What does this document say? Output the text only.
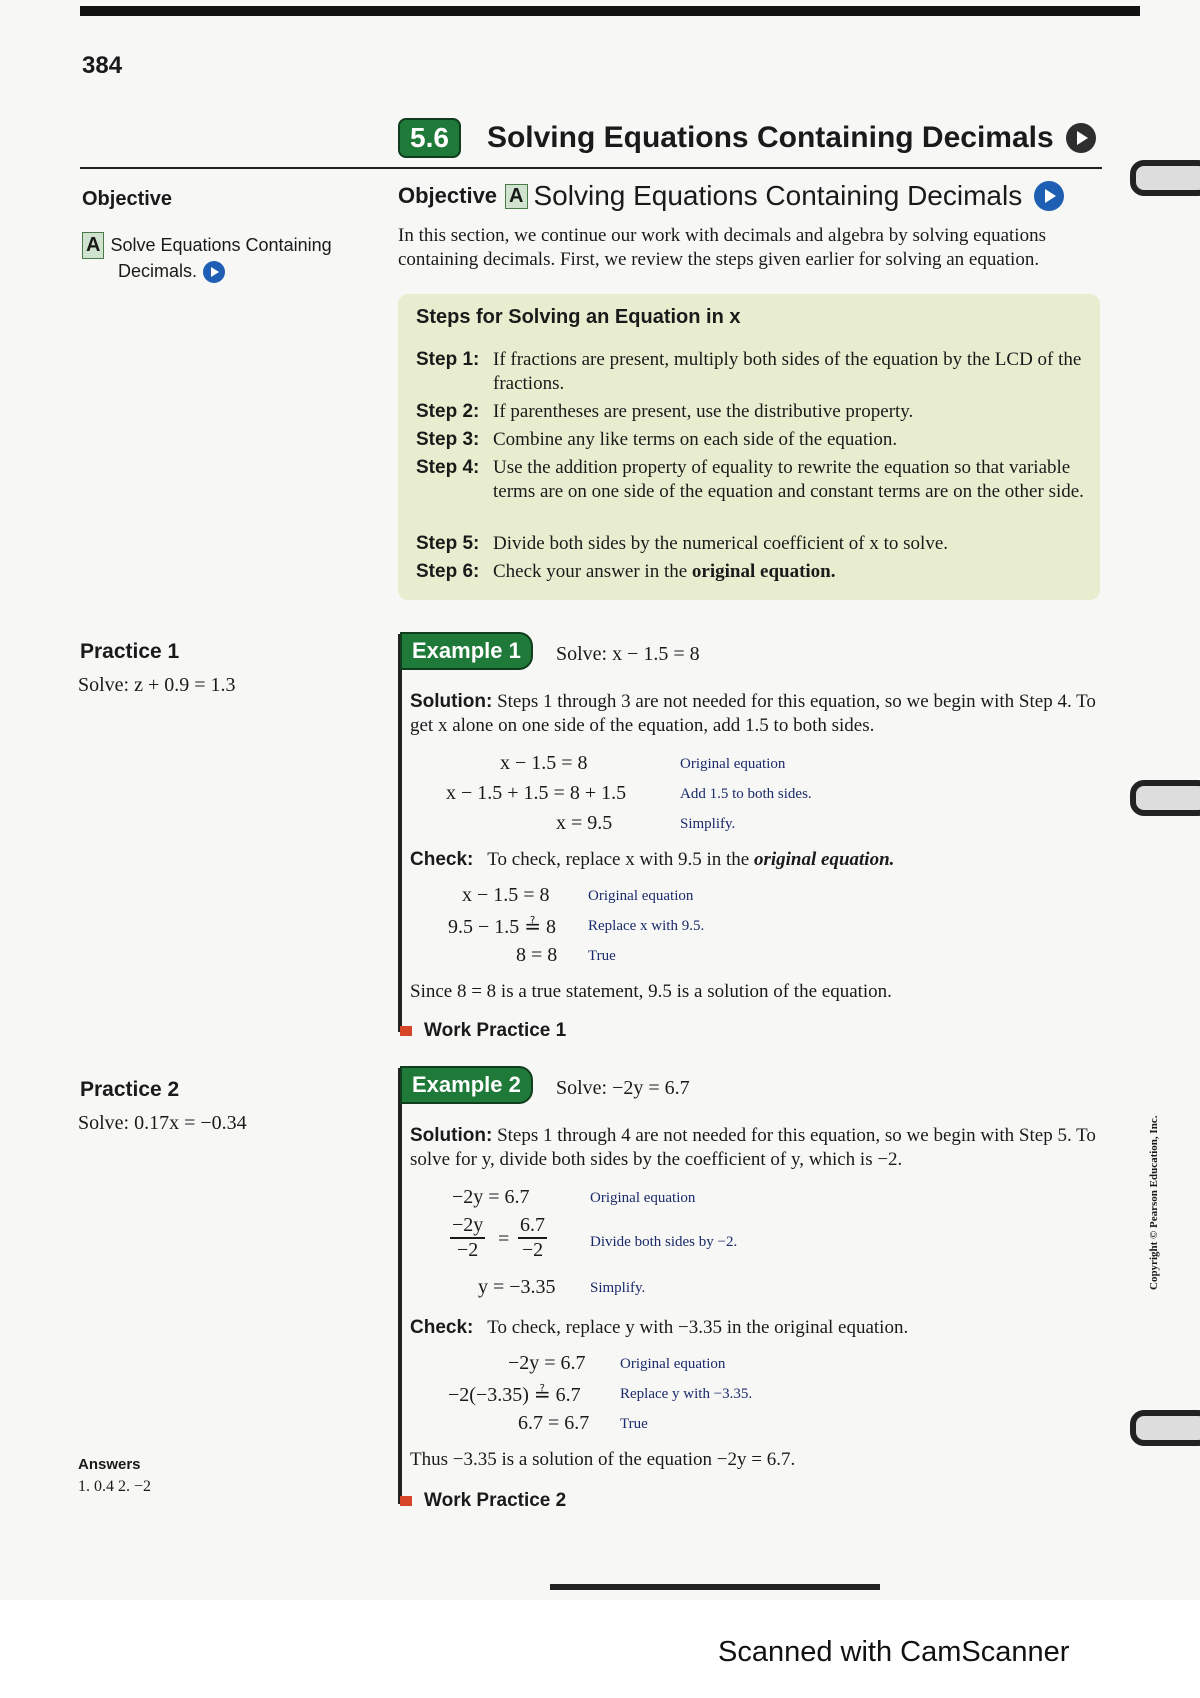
384
5.6	Solving Equations Containing Decimals
Objective
A Solve Equations Containing
Decimals.
Objective A Solving Equations Containing Decimals
In this section, we continue our work with decimals and algebra by solving equations containing decimals. First, we review the steps given earlier for solving an equation.
Steps for Solving an Equation in x
Step 1: If fractions are present, multiply both sides of the equation by the LCD of the fractions.
Step 2: If parentheses are present, use the distributive property.
Step 3: Combine any like terms on each side of the equation.
Step 4: Use the addition property of equality to rewrite the equation so that variable terms are on one side of the equation and constant terms are on the other side.
Step 5: Divide both sides by the numerical coefficient of x to solve.
Step 6: Check your answer in the original equation.
Practice 1
Solve: z + 0.9 = 1.3
Example 1	Solve: x − 1.5 = 8
Solution: Steps 1 through 3 are not needed for this equation, so we begin with Step 4. To get x alone on one side of the equation, add 1.5 to both sides.
x − 1.5 = 8	Original equation
x − 1.5 + 1.5 = 8 + 1.5	Add 1.5 to both sides.
x = 9.5	Simplify.
Check: To check, replace x with 9.5 in the original equation.
x − 1.5 = 8	Original equation
9.5 − 1.5 ≟ 8 Replace x with 9.5.
8 = 8 True
Since 8 = 8 is a true statement, 9.5 is a solution of the equation.
Work Practice 1
Practice 2
Solve: 0.17x = −0.34
Example 2	Solve: −2y = 6.7
Solution: Steps 1 through 4 are not needed for this equation, so we begin with Step 5. To solve for y, divide both sides by the coefficient of y, which is −2.
−2y = 6.7	Original equation
$\frac{-2y}{-2} = \frac{6.7}{-2}$	Divide both sides by −2.
y = −3.35 Simplify.
Check: To check, replace y with −3.35 in the original equation.
−2y = 6.7 Original equation
−2(−3.35) ≟ 6.7	Replace y with −3.35.
6.7 = 6.7 True
Thus −3.35 is a solution of the equation −2y = 6.7.
Work Practice 2
Answers
1. 0.4 2. −2
Copyright © Pearson Education, Inc.
Scanned with CamScanner
